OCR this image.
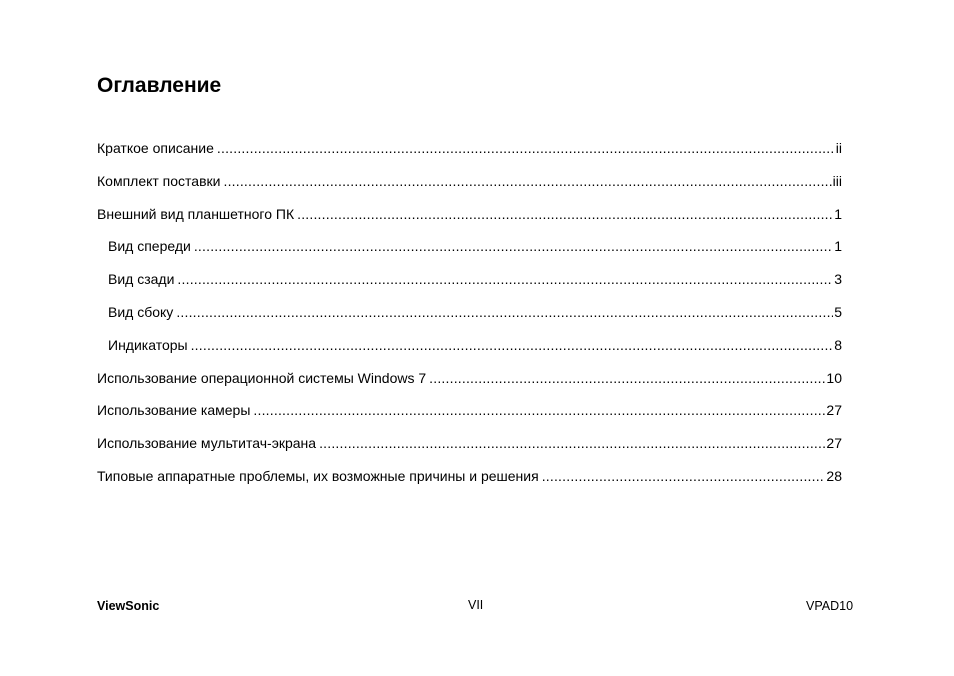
Оглавление
Краткое описание .....	ii
Комплект поставки .....	iii
Внешний вид планшетного ПК .....	1
Вид спереди .....	1
Вид сзади .....	3
Вид сбоку .....	5
Индикаторы .....	8
Использование операционной системы Windows 7 .....	10
Использование камеры .....	27
Использование мультитач-экрана .....	27
Типовые аппаратные проблемы, их возможные причины и решения .....	28
ViewSonic	VII	VPAD10
